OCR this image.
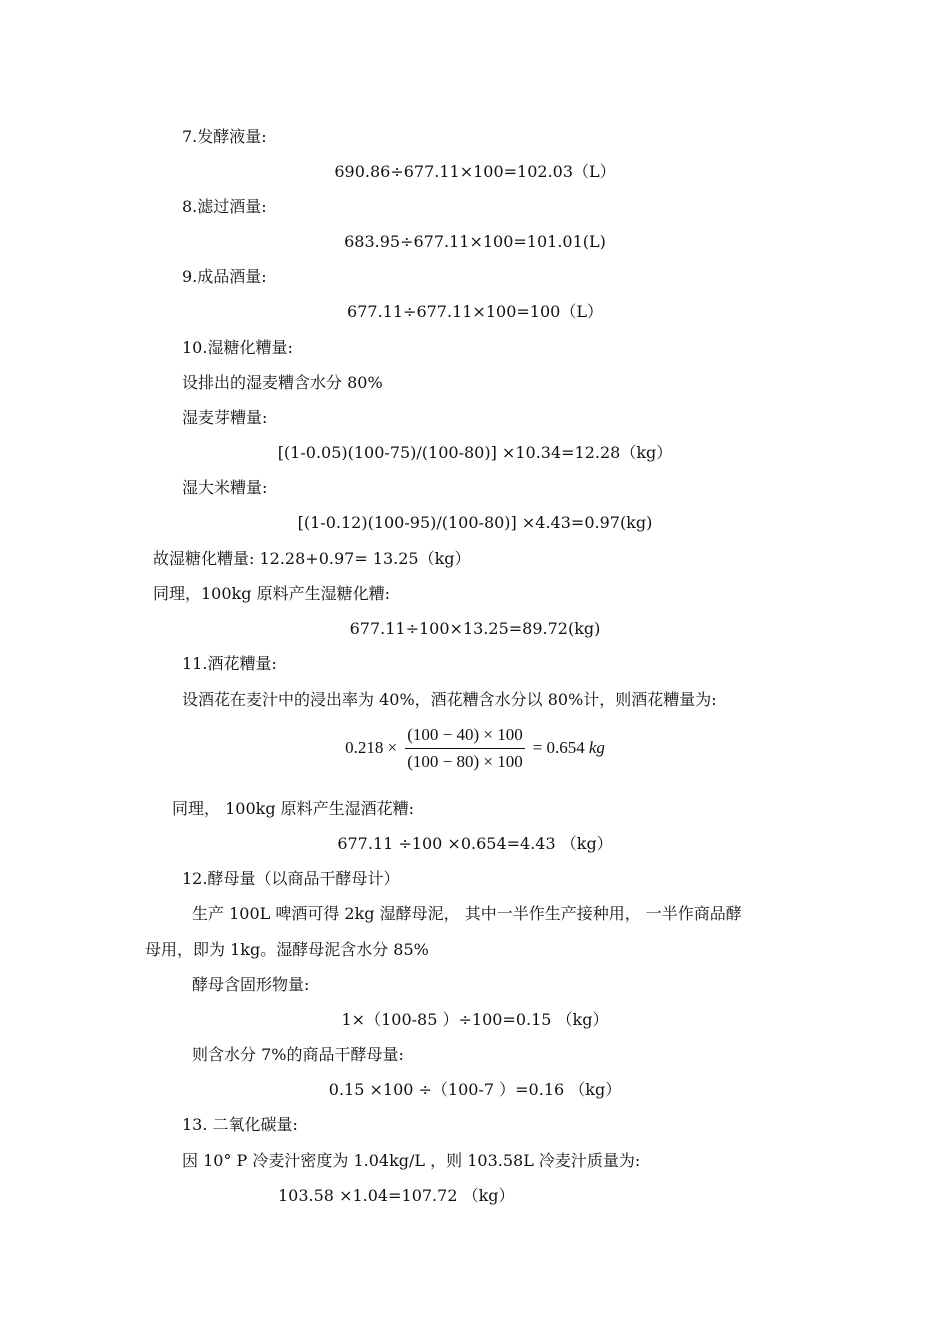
7.发酵液量:
690.86÷677.11×100=102.03（L）
8.滤过酒量:
683.95÷677.11×100=101.01(L)
9.成品酒量:
677.11÷677.11×100=100（L）
10.湿糖化糟量:
设排出的湿麦糟含水分 80%
湿麦芽糟量:
[(1-0.05)(100-75)/(100-80)] ×10.34=12.28（kg）
湿大米糟量:
[(1-0.12)(100-95)/(100-80)] ×4.43=0.97(kg)
故湿糖化糟量: 12.28+0.97= 13.25（kg）
同理，100kg 原料产生湿糖化糟:
677.11÷100×13.25=89.72(kg)
11.酒花糟量:
设酒花在麦汁中的浸出率为 40%，酒花糟含水分以 80%计，则酒花糟量为:
$0.218 \times \frac{(100 - 40) \times 100}{(100 - 80) \times 100} = 0.654$ kg
同理， 100kg 原料产生湿酒花糟:
677.11 ÷100 ×0.654=4.43 （kg）
12.酵母量（以商品干酵母计）
生产 100L 啤酒可得 2kg 湿酵母泥， 其中一半作生产接种用， 一半作商品酵
母用，即为 1kg。湿酵母泥含水分 85%
酵母含固形物量:
1×（100-85 ）÷100=0.15 （kg）
则含水分 7%的商品干酵母量:
0.15 ×100 ÷（100-7 ）=0.16 （kg）
13. 二氧化碳量:
因 10° P 冷麦汁密度为 1.04kg/L ，则 103.58L 冷麦汁质量为:
103.58 ×1.04=107.72 （kg）
